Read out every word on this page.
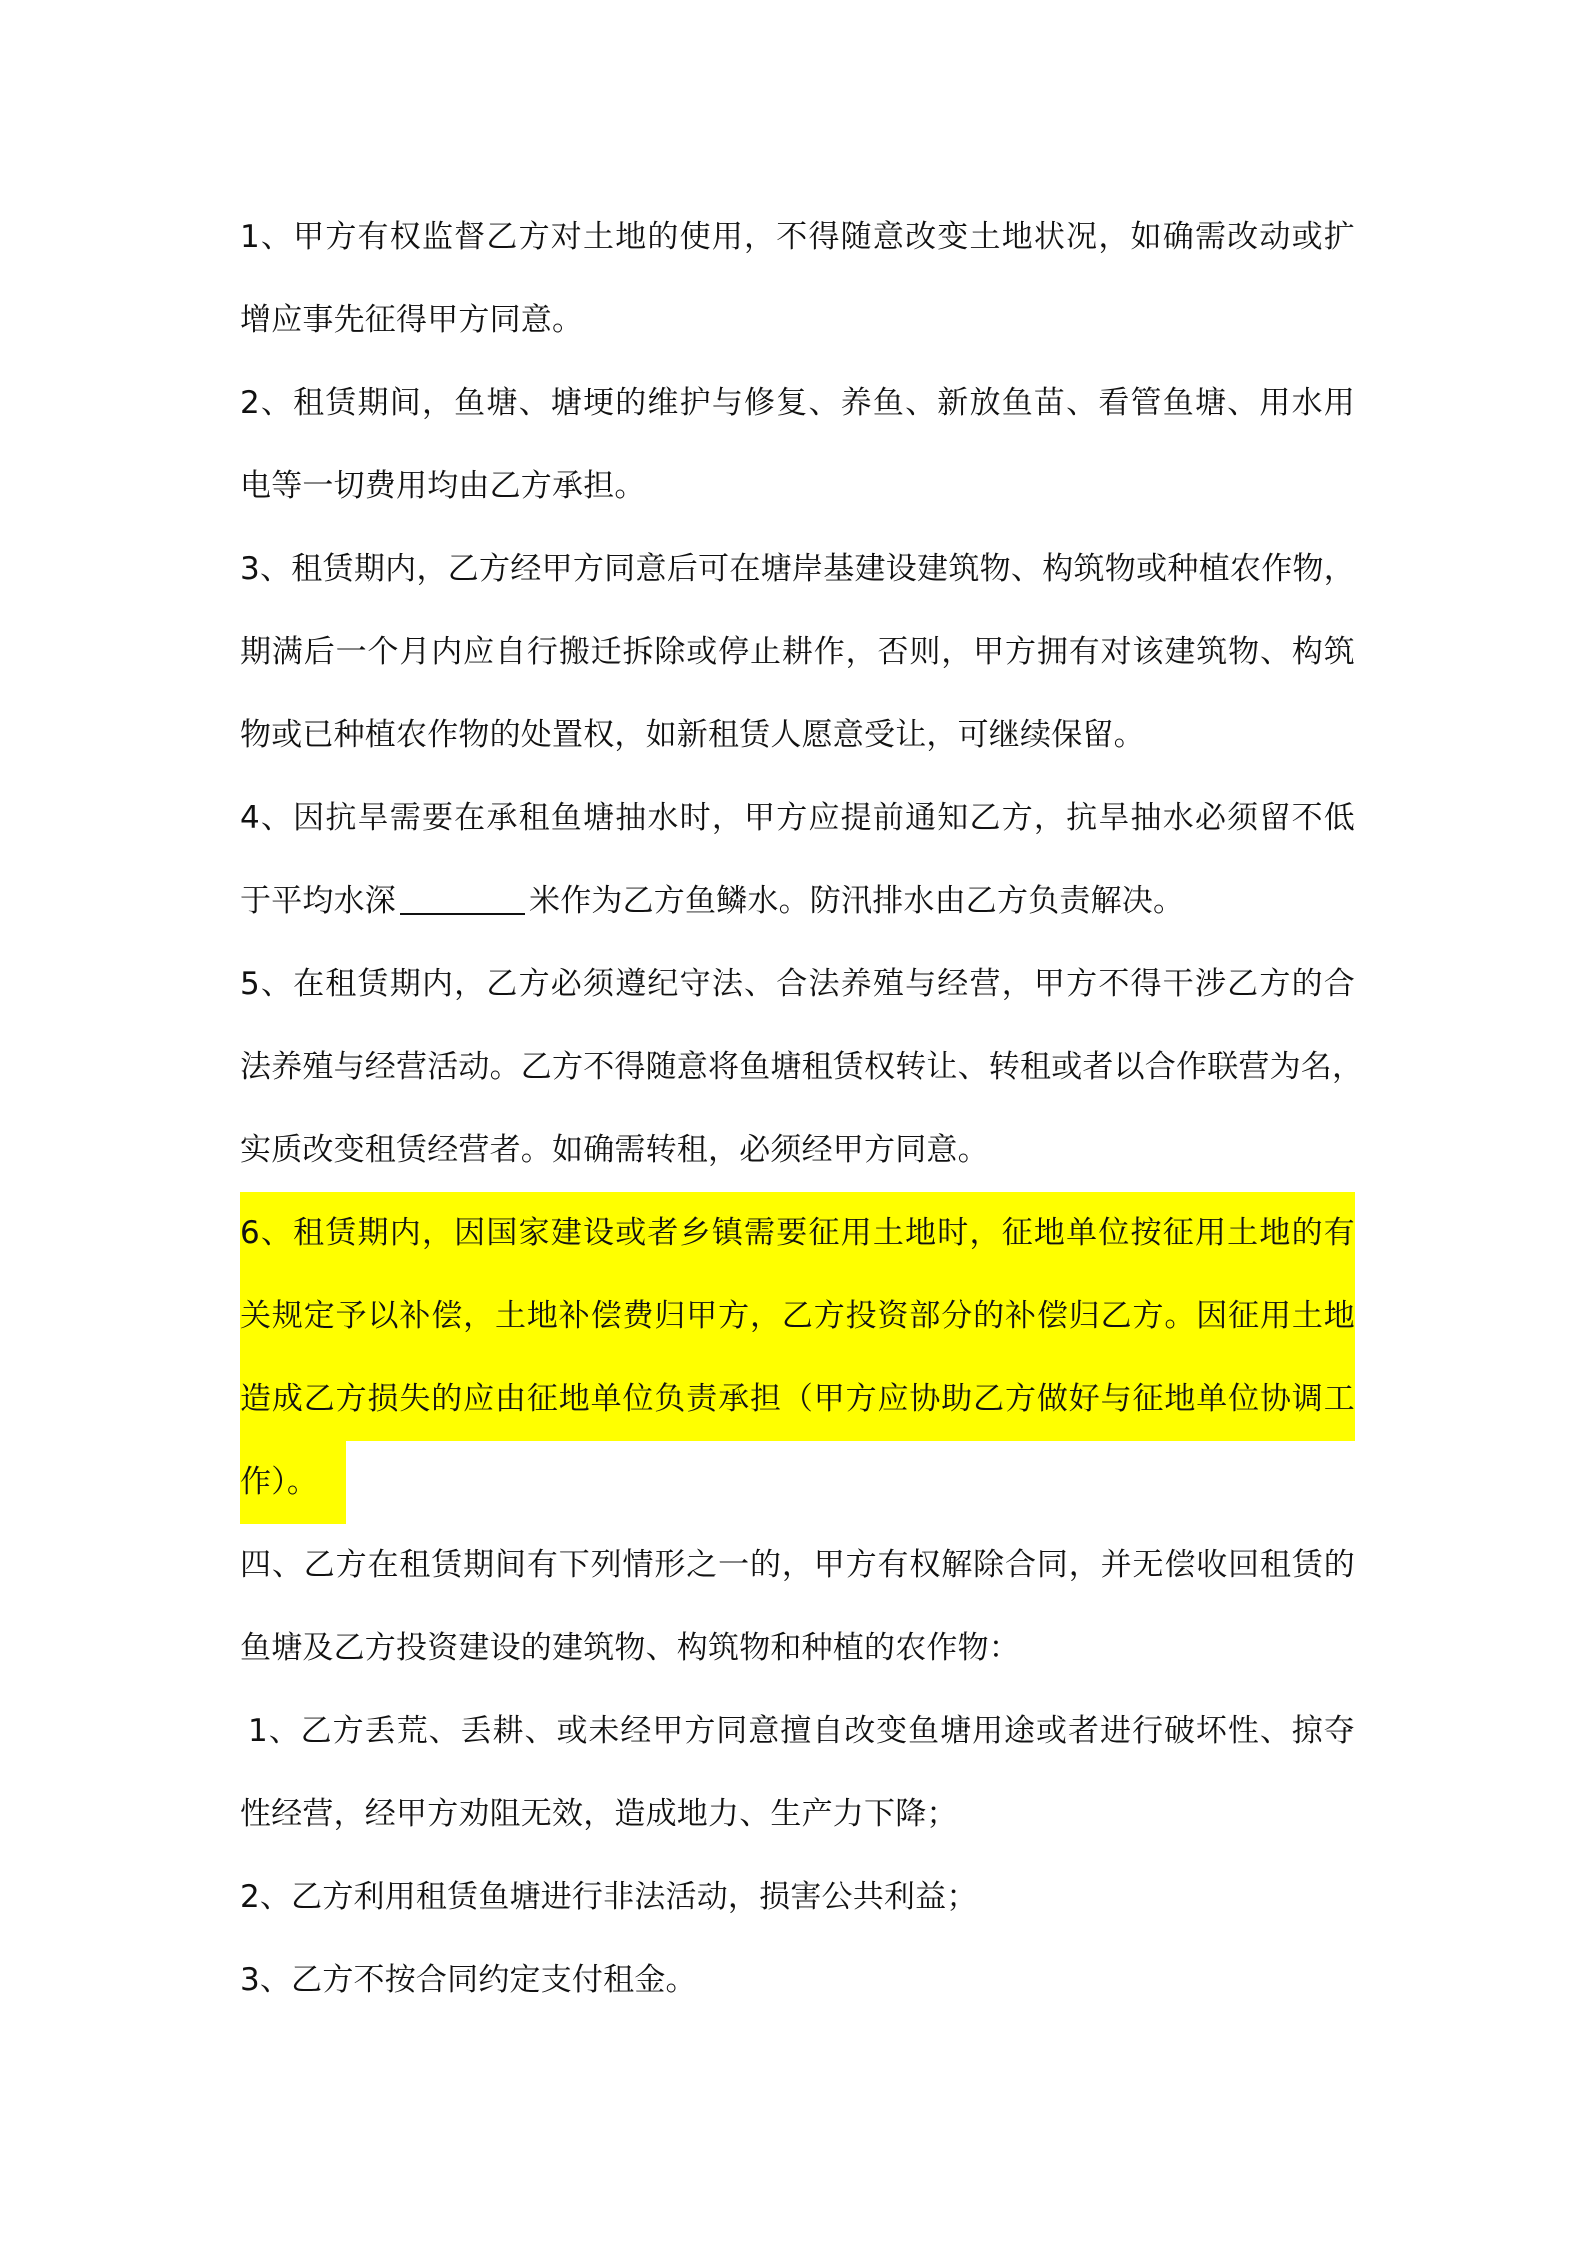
1、甲方有权监督乙方对土地的使用，不得随意改变土地状况，如确需改动或扩
增应事先征得甲方同意。
2、租赁期间，鱼塘、塘埂的维护与修复、养鱼、新放鱼苗、看管鱼塘、用水用
电等一切费用均由乙方承担。
3、租赁期内，乙方经甲方同意后可在塘岸基建设建筑物、构筑物或种植农作物，
期满后一个月内应自行搬迁拆除或停止耕作，否则，甲方拥有对该建筑物、构筑
物或已种植农作物的处置权，如新租赁人愿意受让，可继续保留。
4、因抗旱需要在承租鱼塘抽水时，甲方应提前通知乙方，抗旱抽水必须留不低
于平均水深	米作为乙方鱼鳞水。防汛排水由乙方负责解决。
5、在租赁期内，乙方必须遵纪守法、合法养殖与经营，甲方不得干涉乙方的合
法养殖与经营活动。乙方不得随意将鱼塘租赁权转让、转租或者以合作联营为名，
实质改变租赁经营者。如确需转租，必须经甲方同意。
6、租赁期内，因国家建设或者乡镇需要征用土地时，征地单位按征用土地的有
关规定予以补偿，土地补偿费归甲方，乙方投资部分的补偿归乙方。因征用土地
造成乙方损失的应由征地单位负责承担（甲方应协助乙方做好与征地单位协调工
作）。
四、乙方在租赁期间有下列情形之一的，甲方有权解除合同，并无偿收回租赁的
鱼塘及乙方投资建设的建筑物、构筑物和种植的农作物：
1、乙方丢荒、丢耕、或未经甲方同意擅自改变鱼塘用途或者进行破坏性、掠夺
性经营，经甲方劝阻无效，造成地力、生产力下降；
2、乙方利用租赁鱼塘进行非法活动，损害公共利益；
3、乙方不按合同约定支付租金。
